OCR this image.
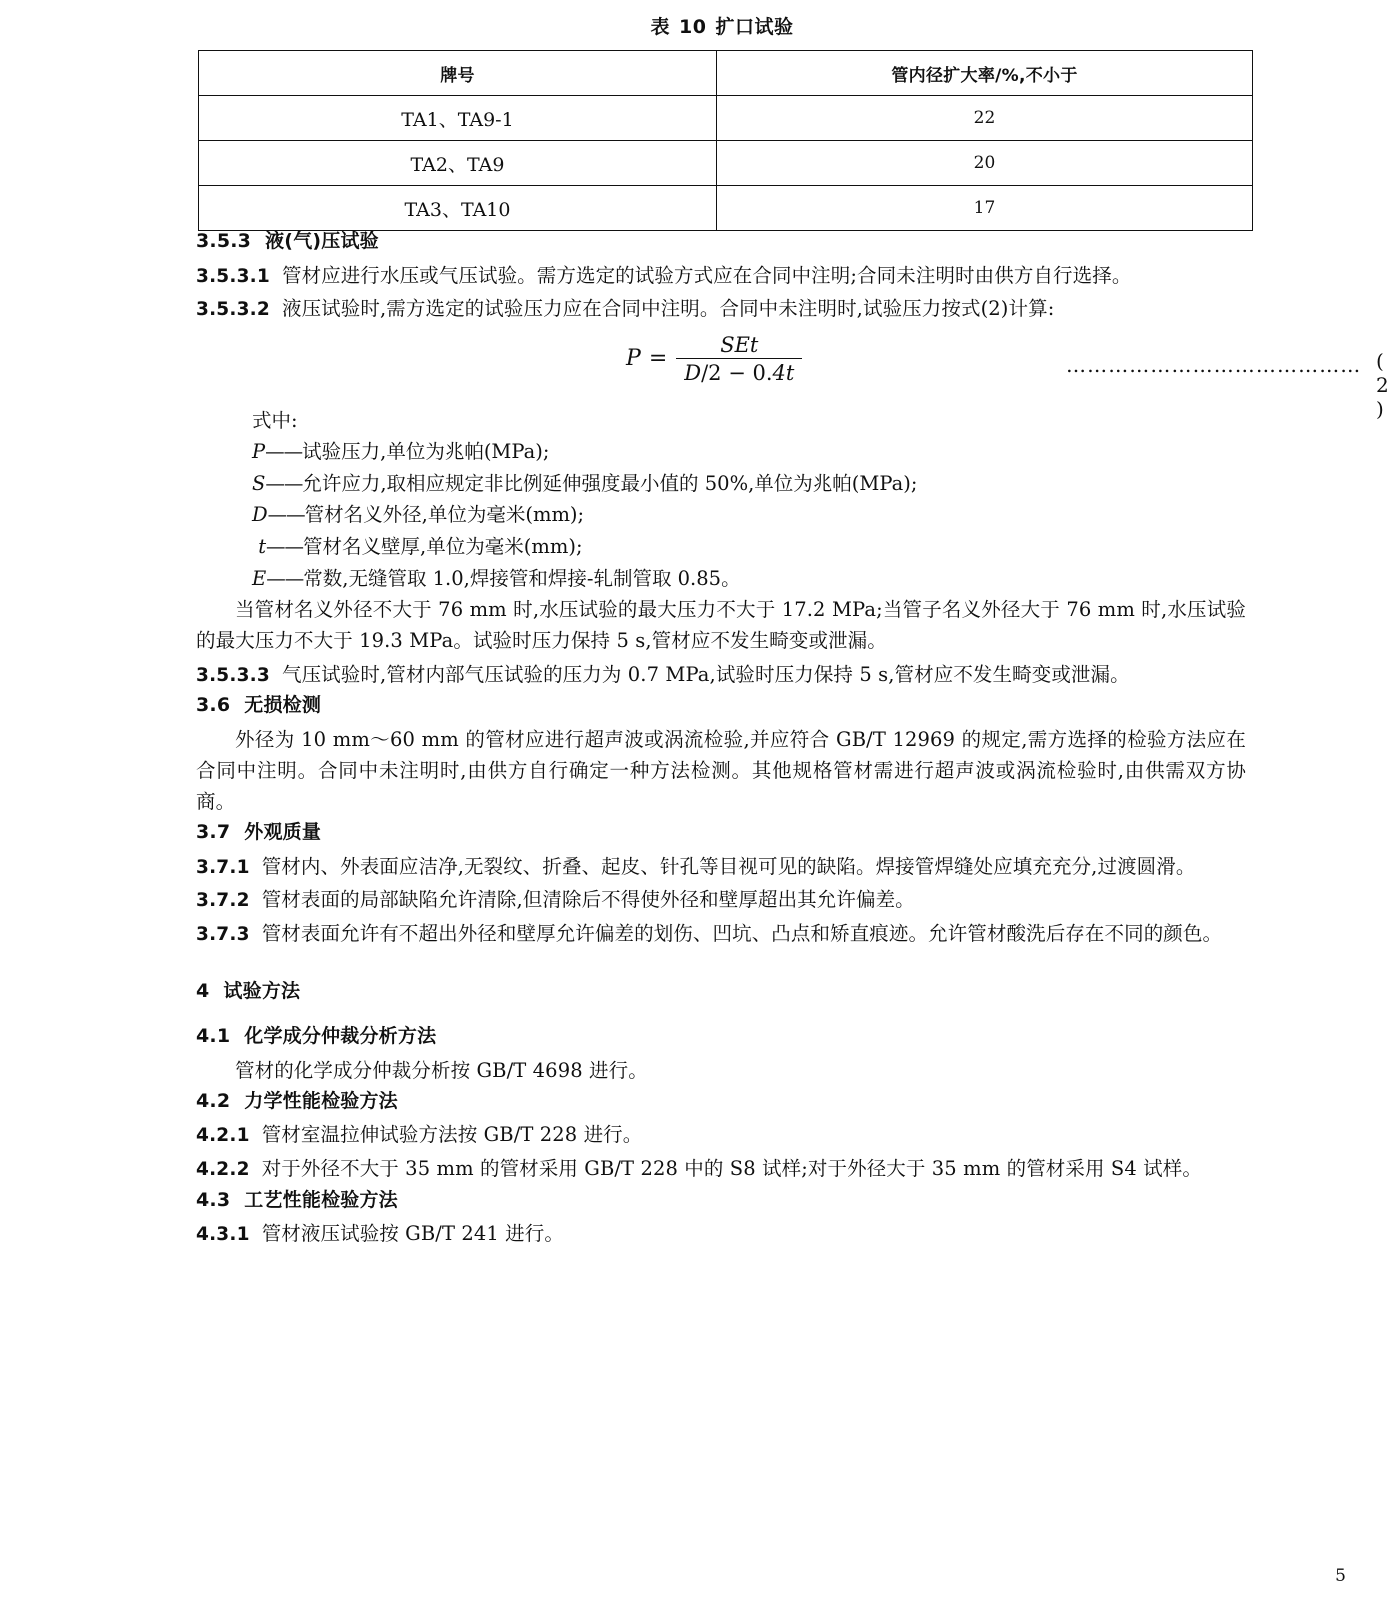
表 10 扩口试验
牌号	管内径扩大率/%,不小于
TA1、TA9-1	22
TA2、TA9	20
TA3、TA10	17
3.5.3 液(气)压试验

3.5.3.1 管材应进行水压或气压试验。需方选定的试验方式应在合同中注明;合同未注明时由供方自行选择。

3.5.3.2 液压试验时,需方选定的试验压力应在合同中注明。合同中未注明时,试验压力按式(2)计算:

$P = \frac{\text{SEt}}{D/2 - 0.4t}$	…………………………………… ( 2 )
式中:
P——试验压力,单位为兆帕(MPa);
S——允许应力,取相应规定非比例延伸强度最小值的 50%,单位为兆帕(MPa);
D——管材名义外径,单位为毫米(mm);
t——管材名义壁厚,单位为毫米(mm);
E——常数,无缝管取 1.0,焊接管和焊接-轧制管取 0.85。

当管材名义外径不大于 76 mm 时,水压试验的最大压力不大于 17.2 MPa;当管子名义外径大于 76 mm 时,水压试验的最大压力不大于 19.3 MPa。试验时压力保持 5 s,管材应不发生畸变或泄漏。

3.5.3.3 气压试验时,管材内部气压试验的压力为 0.7 MPa,试验时压力保持 5 s,管材应不发生畸变或泄漏。

3.6 无损检测

外径为 10 mm～60 mm 的管材应进行超声波或涡流检验,并应符合 GB/T 12969 的规定,需方选择的检验方法应在合同中注明。合同中未注明时,由供方自行确定一种方法检测。其他规格管材需进行超声波或涡流检验时,由供需双方协商。

3.7 外观质量

3.7.1 管材内、外表面应洁净,无裂纹、折叠、起皮、针孔等目视可见的缺陷。焊接管焊缝处应填充充分,过渡圆滑。

3.7.2 管材表面的局部缺陷允许清除,但清除后不得使外径和壁厚超出其允许偏差。

3.7.3 管材表面允许有不超出外径和壁厚允许偏差的划伤、凹坑、凸点和矫直痕迹。允许管材酸洗后存在不同的颜色。

4 试验方法
4.1 化学成分仲裁分析方法

管材的化学成分仲裁分析按 GB/T 4698 进行。

4.2 力学性能检验方法

4.2.1 管材室温拉伸试验方法按 GB/T 228 进行。

4.2.2 对于外径不大于 35 mm 的管材采用 GB/T 228 中的 S8 试样;对于外径大于 35 mm 的管材采用 S4 试样。

4.3 工艺性能检验方法

4.3.1 管材液压试验按 GB/T 241 进行。

5
